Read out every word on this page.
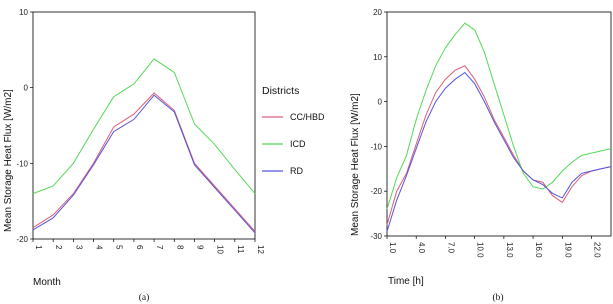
-20
-10
0
10
1 2 3 4 5 6 7 8 9 10 11 12
Mean Storage Heat Flux [W/m2]
Month
(a)
Districts
CC/HBD
ICD
RD
-30
-20
-10
0
10
20
1.0	4.0	7.0	10.0	13.0	16.0	19.0	22.0
Mean Storage Heat Flux [W/m2]
Time [h]
(b)
